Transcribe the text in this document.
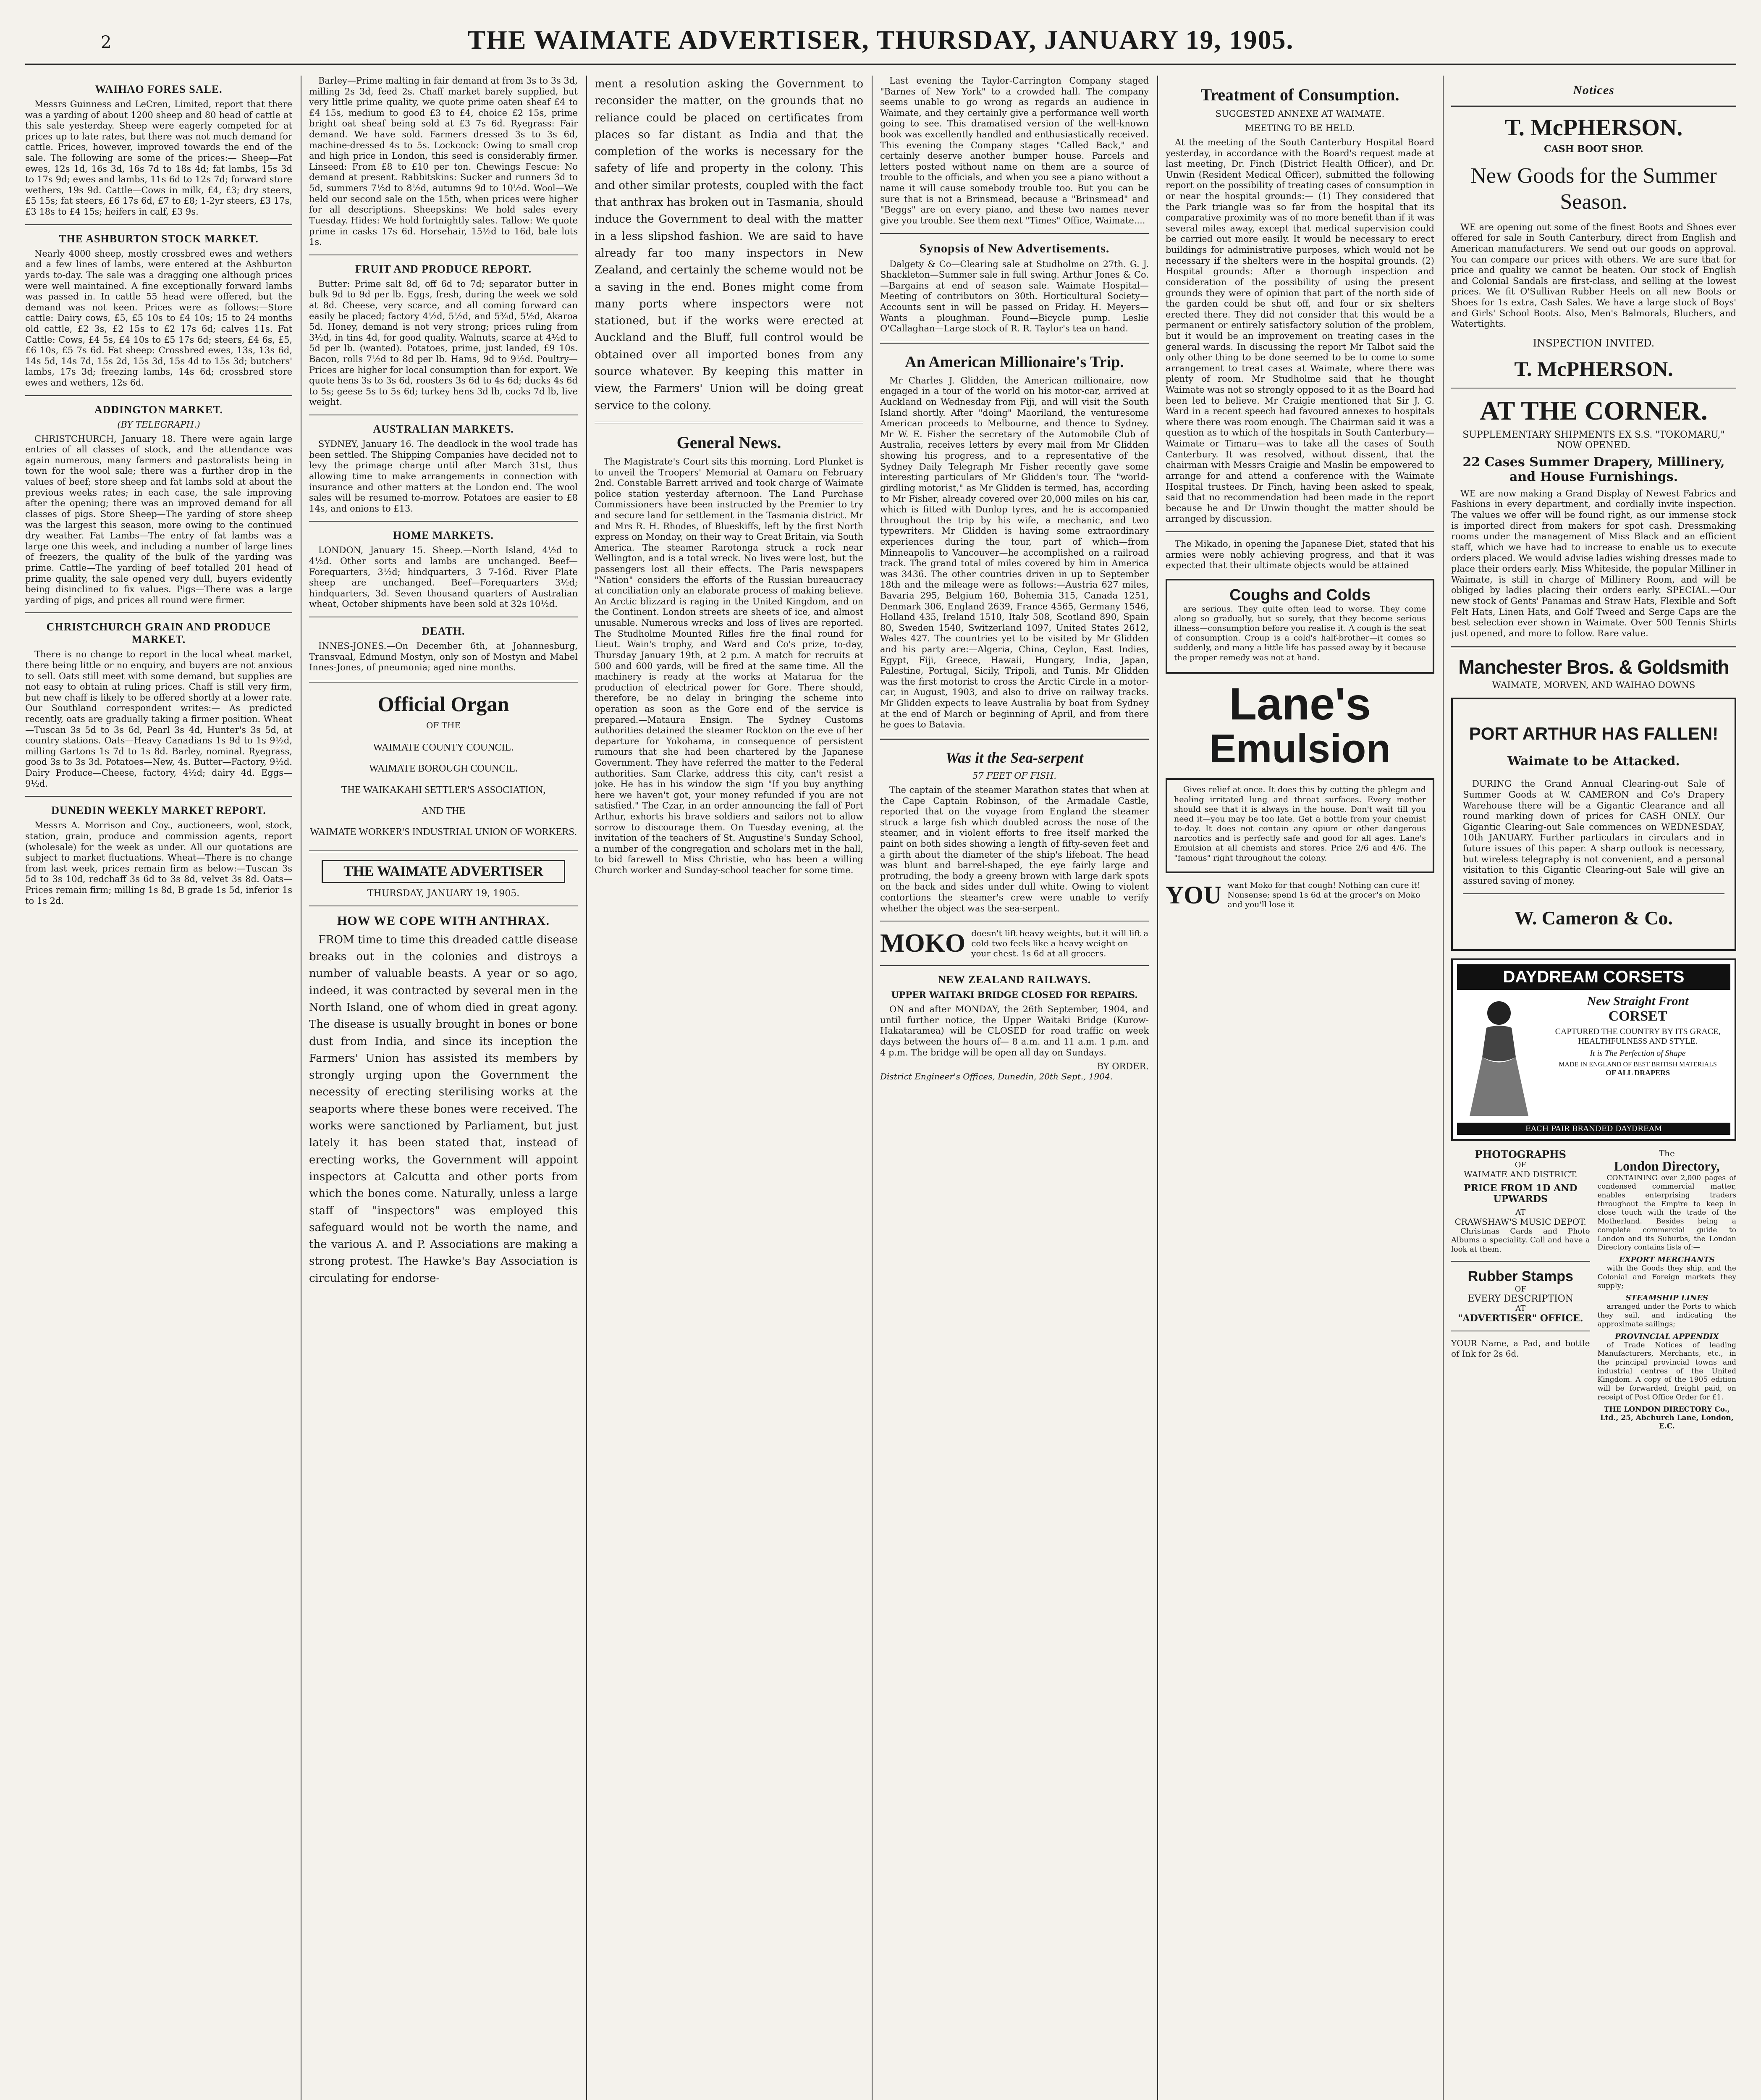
2	THE WAIMATE ADVERTISER, THURSDAY, JANUARY 19, 1905.
WAIHAO FORES SALE.

Messrs Guinness and LeCren, Limited, report that there was a yarding of about 1200 sheep and 80 head of cattle at this sale yesterday. Sheep were eagerly competed for at prices up to late rates, but there was not much demand for cattle. Prices, however, improved towards the end of the sale. The following are some of the prices:— Sheep—Fat ewes, 12s 1d, 16s 3d, 16s 7d to 18s 4d; fat lambs, 15s 3d to 17s 9d; ewes and lambs, 11s 6d to 12s 7d; forward store wethers, 19s 9d. Cattle—Cows in milk, £4, £3; dry steers, £5 15s; fat steers, £6 17s 6d, £7 to £8; 1-2yr steers, £3 17s, £3 18s to £4 15s; heifers in calf, £3 9s.

THE ASHBURTON STOCK MARKET.

Nearly 4000 sheep, mostly crossbred ewes and wethers and a few lines of lambs, were entered at the Ashburton yards to-day. The sale was a dragging one although prices were well maintained. A fine exceptionally forward lambs was passed in. In cattle 55 head were offered, but the demand was not keen. Prices were as follows:—Store cattle: Dairy cows, £5, £5 10s to £4 10s; 15 to 24 months old cattle, £2 3s, £2 15s to £2 17s 6d; calves 11s. Fat Cattle: Cows, £4 5s, £4 10s to £5 17s 6d; steers, £4 6s, £5, £6 10s, £5 7s 6d. Fat sheep: Crossbred ewes, 13s, 13s 6d, 14s 5d, 14s 7d, 15s 2d, 15s 3d, 15s 4d to 15s 3d; butchers' lambs, 17s 3d; freezing lambs, 14s 6d; crossbred store ewes and wethers, 12s 6d.

ADDINGTON MARKET.
(BY TELEGRAPH.)

CHRISTCHURCH, January 18. There were again large entries of all classes of stock, and the attendance was again numerous, many farmers and pastoralists being in town for the wool sale; there was a further drop in the values of beef; store sheep and fat lambs sold at about the previous weeks rates; in each case, the sale improving after the opening; there was an improved demand for all classes of pigs. Store Sheep—The yarding of store sheep was the largest this season, more owing to the continued dry weather. Fat Lambs—The entry of fat lambs was a large one this week, and including a number of large lines of freezers, the quality of the bulk of the yarding was prime. Cattle—The yarding of beef totalled 201 head of prime quality, the sale opened very dull, buyers evidently being disinclined to fix values. Pigs—There was a large yarding of pigs, and prices all round were firmer.

CHRISTCHURCH GRAIN AND PRODUCE MARKET.

There is no change to report in the local wheat market, there being little or no enquiry, and buyers are not anxious to sell. Oats still meet with some demand, but supplies are not easy to obtain at ruling prices. Chaff is still very firm, but new chaff is likely to be offered shortly at a lower rate. Our Southland correspondent writes:— As predicted recently, oats are gradually taking a firmer position. Wheat—Tuscan 3s 5d to 3s 6d, Pearl 3s 4d, Hunter's 3s 5d, at country stations. Oats—Heavy Canadians 1s 9d to 1s 9½d, milling Gartons 1s 7d to 1s 8d. Barley, nominal. Ryegrass, good 3s to 3s 3d. Potatoes—New, 4s. Butter—Factory, 9½d. Dairy Produce—Cheese, factory, 4½d; dairy 4d. Eggs—9½d.

DUNEDIN WEEKLY MARKET REPORT.

Messrs A. Morrison and Coy., auctioneers, wool, stock, station, grain, produce and commission agents, report (wholesale) for the week as under. All our quotations are subject to market fluctuations. Wheat—There is no change from last week, prices remain firm as below:—Tuscan 3s 5d to 3s 10d, redchaff 3s 6d to 3s 8d, velvet 3s 8d. Oats—Prices remain firm; milling 1s 8d, B grade 1s 5d, inferior 1s to 1s 2d.

Barley—Prime malting in fair demand at from 3s to 3s 3d, milling 2s 3d, feed 2s. Chaff market barely supplied, but very little prime quality, we quote prime oaten sheaf £4 to £4 15s, medium to good £3 to £4, choice £2 15s, prime bright oat sheaf being sold at £3 7s 6d. Ryegrass: Fair demand. We have sold. Farmers dressed 3s to 3s 6d, machine-dressed 4s to 5s. Lockcock: Owing to small crop and high price in London, this seed is considerably firmer. Linseed: From £8 to £10 per ton. Chewings Fescue: No demand at present. Rabbitskins: Sucker and runners 3d to 5d, summers 7½d to 8½d, autumns 9d to 10½d. Wool—We held our second sale on the 15th, when prices were higher for all descriptions. Sheepskins: We hold sales every Tuesday. Hides: We hold fortnightly sales. Tallow: We quote prime in casks 17s 6d. Horsehair, 15½d to 16d, bale lots 1s.

FRUIT AND PRODUCE REPORT.

Butter: Prime salt 8d, off 6d to 7d; separator butter in bulk 9d to 9d per lb. Eggs, fresh, during the week we sold at 8d. Cheese, very scarce, and all coming forward can easily be placed; factory 4½d, 5½d, and 5¾d, 5½d, Akaroa 5d. Honey, demand is not very strong; prices ruling from 3½d, in tins 4d, for good quality. Walnuts, scarce at 4½d to 5d per lb. (wanted). Potatoes, prime, just landed, £9 10s. Bacon, rolls 7½d to 8d per lb. Hams, 9d to 9½d. Poultry—Prices are higher for local consumption than for export. We quote hens 3s to 3s 6d, roosters 3s 6d to 4s 6d; ducks 4s 6d to 5s; geese 5s to 5s 6d; turkey hens 3d lb, cocks 7d lb, live weight.

AUSTRALIAN MARKETS.

SYDNEY, January 16. The deadlock in the wool trade has been settled. The Shipping Companies have decided not to levy the primage charge until after March 31st, thus allowing time to make arrangements in connection with insurance and other matters at the London end. The wool sales will be resumed to-morrow. Potatoes are easier to £8 14s, and onions to £13.

HOME MARKETS.

LONDON, January 15. Sheep.—North Island, 4½d to 4½d. Other sorts and lambs are unchanged. Beef—Forequarters, 3½d; hindquarters, 3 7-16d. River Plate sheep are unchanged. Beef—Forequarters 3½d; hindquarters, 3d. Seven thousand quarters of Australian wheat, October shipments have been sold at 32s 10½d.

DEATH.

INNES-JONES.—On December 6th, at Johannesburg, Transvaal, Edmund Mostyn, only son of Mostyn and Mabel Innes-Jones, of pneumonia; aged nine months.

Official Organ
OF THE
WAIMATE COUNTY COUNCIL.
WAIMATE BOROUGH COUNCIL.
THE WAIKAKAHI SETTLER'S ASSOCIATION,
AND THE
WAIMATE WORKER'S INDUSTRIAL UNION OF WORKERS.
THE WAIMATE ADVERTISER
THURSDAY, JANUARY 19, 1905.
HOW WE COPE WITH ANTHRAX.

FROM time to time this dreaded cattle disease breaks out in the colonies and distroys a number of valuable beasts. A year or so ago, indeed, it was contracted by several men in the North Island, one of whom died in great agony. The disease is usually brought in bones or bone dust from India, and since its inception the Farmers' Union has assisted its members by strongly urging upon the Government the necessity of erecting sterilising works at the seaports where these bones were received. The works were sanctioned by Parliament, but just lately it has been stated that, instead of erecting works, the Government will appoint inspectors at Calcutta and other ports from which the bones come. Naturally, unless a large staff of "inspectors" was employed this safeguard would not be worth the name, and the various A. and P. Associations are making a strong protest. The Hawke's Bay Association is circulating for endorse-

ment a resolution asking the Government to reconsider the matter, on the grounds that no reliance could be placed on certificates from places so far distant as India and that the completion of the works is necessary for the safety of life and property in the colony. This and other similar protests, coupled with the fact that anthrax has broken out in Tasmania, should induce the Government to deal with the matter in a less slipshod fashion. We are said to have already far too many inspectors in New Zealand, and certainly the scheme would not be a saving in the end. Bones might come from many ports where inspectors were not stationed, but if the works were erected at Auckland and the Bluff, full control would be obtained over all imported bones from any source whatever. By keeping this matter in view, the Farmers' Union will be doing great service to the colony.

General News.

The Magistrate's Court sits this morning. Lord Plunket is to unveil the Troopers' Memorial at Oamaru on February 2nd. Constable Barrett arrived and took charge of Waimate police station yesterday afternoon. The Land Purchase Commissioners have been instructed by the Premier to try and secure land for settlement in the Tasmania district. Mr and Mrs R. H. Rhodes, of Blueskiffs, left by the first North express on Monday, on their way to Great Britain, via South America. The steamer Rarotonga struck a rock near Wellington, and is a total wreck. No lives were lost, but the passengers lost all their effects. The Paris newspapers "Nation" considers the efforts of the Russian bureaucracy at conciliation only an elaborate process of making believe. An Arctic blizzard is raging in the United Kingdom, and on the Continent. London streets are sheets of ice, and almost unusable. Numerous wrecks and loss of lives are reported. The Studholme Mounted Rifles fire the final round for Lieut. Wain's trophy, and Ward and Co's prize, to-day, Thursday January 19th, at 2 p.m. A match for recruits at 500 and 600 yards, will be fired at the same time. All the machinery is ready at the works at Matarua for the production of electrical power for Gore. There should, therefore, be no delay in bringing the scheme into operation as soon as the Gore end of the service is prepared.—Mataura Ensign. The Sydney Customs authorities detained the steamer Rockton on the eve of her departure for Yokohama, in consequence of persistent rumours that she had been chartered by the Japanese Government. They have referred the matter to the Federal authorities. Sam Clarke, address this city, can't resist a joke. He has in his window the sign "If you buy anything here we haven't got, your money refunded if you are not satisfied." The Czar, in an order announcing the fall of Port Arthur, exhorts his brave soldiers and sailors not to allow sorrow to discourage them. On Tuesday evening, at the invitation of the teachers of St. Augustine's Sunday School, a number of the congregation and scholars met in the hall, to bid farewell to Miss Christie, who has been a willing Church worker and Sunday-school teacher for some time.

Last evening the Taylor-Carrington Company staged "Barnes of New York" to a crowded hall. The company seems unable to go wrong as regards an audience in Waimate, and they certainly give a performance well worth going to see. This dramatised version of the well-known book was excellently handled and enthusiastically received. This evening the Company stages "Called Back," and certainly deserve another bumper house. Parcels and letters posted without name on them are a source of trouble to the officials, and when you see a piano without a name it will cause somebody trouble too. But you can be sure that is not a Brinsmead, because a "Brinsmead" and "Beggs" are on every piano, and these two names never give you trouble. See them next "Times" Office, Waimate....

Synopsis of New Advertisements.

Dalgety & Co—Clearing sale at Studholme on 27th. G. J. Shackleton—Summer sale in full swing. Arthur Jones & Co.—Bargains at end of season sale. Waimate Hospital—Meeting of contributors on 30th. Horticultural Society—Accounts sent in will be passed on Friday. H. Meyers—Wants a ploughman. Found—Bicycle pump. Leslie O'Callaghan—Large stock of R. R. Taylor's tea on hand.

An American Millionaire's Trip.

Mr Charles J. Glidden, the American millionaire, now engaged in a tour of the world on his motor-car, arrived at Auckland on Wednesday from Fiji, and will visit the South Island shortly. After "doing" Maoriland, the venturesome American proceeds to Melbourne, and thence to Sydney. Mr W. E. Fisher the secretary of the Automobile Club of Australia, receives letters by every mail from Mr Glidden showing his progress, and to a representative of the Sydney Daily Telegraph Mr Fisher recently gave some interesting particulars of Mr Glidden's tour. The "world-girdling motorist," as Mr Glidden is termed, has, according to Mr Fisher, already covered over 20,000 miles on his car, which is fitted with Dunlop tyres, and he is accompanied throughout the trip by his wife, a mechanic, and two typewriters. Mr Glidden is having some extraordinary experiences during the tour, part of which—from Minneapolis to Vancouver—he accomplished on a railroad track. The grand total of miles covered by him in America was 3436. The other countries driven in up to September 18th and the mileage were as follows:—Austria 627 miles, Bavaria 295, Belgium 160, Bohemia 315, Canada 1251, Denmark 306, England 2639, France 4565, Germany 1546, Holland 435, Ireland 1510, Italy 508, Scotland 890, Spain 80, Sweden 1540, Switzerland 1097, United States 2612, Wales 427. The countries yet to be visited by Mr Glidden and his party are:—Algeria, China, Ceylon, East Indies, Egypt, Fiji, Greece, Hawaii, Hungary, India, Japan, Palestine, Portugal, Sicily, Tripoli, and Tunis. Mr Glidden was the first motorist to cross the Arctic Circle in a motor-car, in August, 1903, and also to drive on railway tracks. Mr Glidden expects to leave Australia by boat from Sydney at the end of March or beginning of April, and from there he goes to Batavia.

Was it the Sea-serpent
57 FEET OF FISH.

The captain of the steamer Marathon states that when at the Cape Captain Robinson, of the Armadale Castle, reported that on the voyage from England the steamer struck a large fish which doubled across the nose of the steamer, and in violent efforts to free itself marked the paint on both sides showing a length of fifty-seven feet and a girth about the diameter of the ship's lifeboat. The head was blunt and barrel-shaped, the eye fairly large and protruding, the body a greeny brown with large dark spots on the back and sides under dull white. Owing to violent contortions the steamer's crew were unable to verify whether the object was the sea-serpent.

MOKO doesn't lift heavy weights, but it will lift a cold two feels like a heavy weight on your chest. 1s 6d at all grocers.
NEW ZEALAND RAILWAYS.
UPPER WAITAKI BRIDGE CLOSED FOR REPAIRS.

ON and after MONDAY, the 26th September, 1904, and until further notice, the Upper Waitaki Bridge (Kurow-Hakataramea) will be CLOSED for road traffic on week days between the hours of— 8 a.m. and 11 a.m. 1 p.m. and 4 p.m. The bridge will be open all day on Sundays.

BY ORDER.
District Engineer's Offices, Dunedin, 20th Sept., 1904.
Treatment of Consumption.
SUGGESTED ANNEXE AT WAIMATE.
MEETING TO BE HELD.

At the meeting of the South Canterbury Hospital Board yesterday, in accordance with the Board's request made at last meeting, Dr. Finch (District Health Officer), and Dr. Unwin (Resident Medical Officer), submitted the following report on the possibility of treating cases of consumption in or near the hospital grounds:— (1) They considered that the Park triangle was so far from the hospital that its comparative proximity was of no more benefit than if it was several miles away, except that medical supervision could be carried out more easily. It would be necessary to erect buildings for administrative purposes, which would not be necessary if the shelters were in the hospital grounds. (2) Hospital grounds: After a thorough inspection and consideration of the possibility of using the present grounds they were of opinion that part of the north side of the garden could be shut off, and four or six shelters erected there. They did not consider that this would be a permanent or entirely satisfactory solution of the problem, but it would be an improvement on treating cases in the general wards. In discussing the report Mr Talbot said the only other thing to be done seemed to be to come to some arrangement to treat cases at Waimate, where there was plenty of room. Mr Studholme said that he thought Waimate was not so strongly opposed to it as the Board had been led to believe. Mr Craigie mentioned that Sir J. G. Ward in a recent speech had favoured annexes to hospitals where there was room enough. The Chairman said it was a question as to which of the hospitals in South Canterbury—Waimate or Timaru—was to take all the cases of South Canterbury. It was resolved, without dissent, that the chairman with Messrs Craigie and Maslin be empowered to arrange for and attend a conference with the Waimate Hospital trustees. Dr Finch, having been asked to speak, said that no recommendation had been made in the report because he and Dr Unwin thought the matter should be arranged by discussion.

The Mikado, in opening the Japanese Diet, stated that his armies were nobly achieving progress, and that it was expected that their ultimate objects would be attained

Coughs and Colds

are serious. They quite often lead to worse. They come along so gradually, but so surely, that they become serious illness—consumption before you realise it. A cough is the seat of consumption. Croup is a cold's half-brother—it comes so suddenly, and many a little life has passed away by it because the proper remedy was not at hand.

Lane's
Emulsion

Gives relief at once. It does this by cutting the phlegm and healing irritated lung and throat surfaces. Every mother should see that it is always in the house. Don't wait till you need it—you may be too late. Get a bottle from your chemist to-day. It does not contain any opium or other dangerous narcotics and is perfectly safe and good for all ages. Lane's Emulsion at all chemists and stores. Price 2/6 and 4/6. The "famous" right throughout the colony.

YOU want Moko for that cough! Nothing can cure it! Nonsense; spend 1s 6d at the grocer's on Moko and you'll lose it
Notices
T. McPHERSON.
CASH BOOT SHOP.
New Goods for the Summer Season.

WE are opening out some of the finest Boots and Shoes ever offered for sale in South Canterbury, direct from English and American manufacturers. We send out our goods on approval. You can compare our prices with others. We are sure that for price and quality we cannot be beaten. Our stock of English and Colonial Sandals are first-class, and selling at the lowest prices. We fit O'Sullivan Rubber Heels on all new Boots or Shoes for 1s extra, Cash Sales. We have a large stock of Boys' and Girls' School Boots. Also, Men's Balmorals, Bluchers, and Watertights.

INSPECTION INVITED.
T. McPHERSON.
AT THE CORNER.
SUPPLEMENTARY SHIPMENTS EX S.S. "TOKOMARU," NOW OPENED.
22 Cases Summer Drapery, Millinery, and House Furnishings.

WE are now making a Grand Display of Newest Fabrics and Fashions in every department, and cordially invite inspection. The values we offer will be found right, as our immense stock is imported direct from makers for spot cash. Dressmaking rooms under the management of Miss Black and an efficient staff, which we have had to increase to enable us to execute orders placed. We would advise ladies wishing dresses made to place their orders early. Miss Whiteside, the popular Milliner in Waimate, is still in charge of Millinery Room, and will be obliged by ladies placing their orders early. SPECIAL.—Our new stock of Gents' Panamas and Straw Hats, Flexible and Soft Felt Hats, Linen Hats, and Golf Tweed and Serge Caps are the best selection ever shown in Waimate. Over 500 Tennis Shirts just opened, and more to follow. Rare value.

Manchester Bros. & Goldsmith
WAIMATE, MORVEN, AND WAIHAO DOWNS
PORT ARTHUR HAS FALLEN!
Waimate to be Attacked.

DURING the Grand Annual Clearing-out Sale of Summer Goods at W. CAMERON and Co's Drapery Warehouse there will be a Gigantic Clearance and all round marking down of prices for CASH ONLY. Our Gigantic Clearing-out Sale commences on WEDNESDAY, 10th JANUARY. Further particulars in circulars and in future issues of this paper. A sharp outlook is necessary, but wireless telegraphy is not convenient, and a personal visitation to this Gigantic Clearing-out Sale will give an assured saving of money.

W. Cameron & Co.
DAYDREAM CORSETS
New Straight Front
CORSET
CAPTURED THE COUNTRY BY ITS GRACE, HEALTHFULNESS AND STYLE.
It is The Perfection of Shape
MADE IN ENGLAND OF BEST BRITISH MATERIALS
OF ALL DRAPERS
EACH PAIR BRANDED DAYDREAM
PHOTOGRAPHS
OF
WAIMATE AND DISTRICT.
PRICE FROM 1D AND UPWARDS
AT
CRAWSHAW'S MUSIC DEPOT.

Christmas Cards and Photo Albums a speciality. Call and have a look at them.

Rubber Stamps
OF
EVERY DESCRIPTION
AT
"ADVERTISER" OFFICE.

YOUR Name, a Pad, and bottle of Ink for 2s 6d.

The
London Directory,

CONTAINING over 2,000 pages of condensed commercial matter, enables enterprising traders throughout the Empire to keep in close touch with the trade of the Motherland. Besides being a complete commercial guide to London and its Suburbs, the London Directory contains lists of:—

EXPORT MERCHANTS

with the Goods they ship, and the Colonial and Foreign markets they supply;

STEAMSHIP LINES

arranged under the Ports to which they sail, and indicating the approximate sailings;

PROVINCIAL APPENDIX

of Trade Notices of leading Manufacturers, Merchants, etc., in the principal provincial towns and industrial centres of the United Kingdom. A copy of the 1905 edition will be forwarded, freight paid, on receipt of Post Office Order for £1.

THE LONDON DIRECTORY Co., Ltd., 25, Abchurch Lane, London, E.C.
